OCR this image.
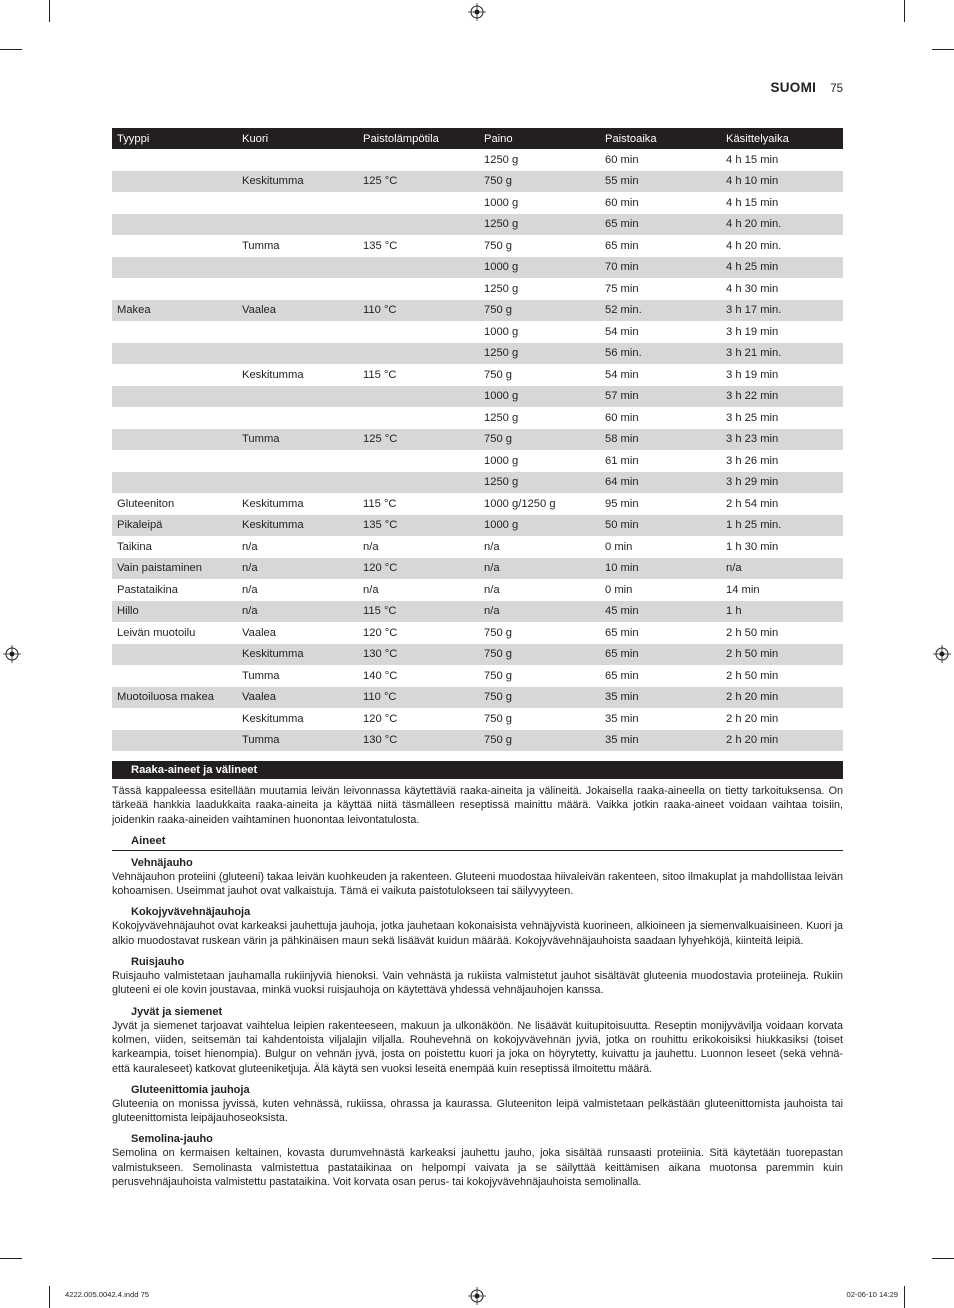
SUOMI 75
Tyyppi	Kuori	Paistolämpötila	Paino	Paistoaika	Käsittelyaika
			1250 g	60 min	4 h 15 min
	Keskitumma	125 °C	750 g	55 min	4 h 10 min
			1000 g	60 min	4 h 15 min
			1250 g	65 min	4 h 20 min.
	Tumma	135 °C	750 g	65 min	4 h 20 min.
			1000 g	70 min	4 h 25 min
			1250 g	75 min	4 h 30 min
Makea	Vaalea	110 °C	750 g	52 min.	3 h 17 min.
			1000 g	54 min	3 h 19 min
			1250 g	56 min.	3 h 21 min.
	Keskitumma	115 °C	750 g	54 min	3 h 19 min
			1000 g	57 min	3 h 22 min
			1250 g	60 min	3 h 25 min
	Tumma	125 °C	750 g	58 min	3 h 23 min
			1000 g	61 min	3 h 26 min
			1250 g	64 min	3 h 29 min
Gluteeniton	Keskitumma	115 °C	1000 g/1250 g	95 min	2 h 54 min
Pikaleipä	Keskitumma	135 °C	1000 g	50 min	1 h 25 min.
Taikina	n/a	n/a	n/a	0 min	1 h 30 min
Vain paistaminen	n/a	120 °C	n/a	10 min	n/a
Pastataikina	n/a	n/a	n/a	0 min	14 min
Hillo	n/a	115 °C	n/a	45 min	1 h
Leivän muotoilu	Vaalea	120 °C	750 g	65 min	2 h 50 min
	Keskitumma	130 °C	750 g	65 min	2 h 50 min
	Tumma	140 °C	750 g	65 min	2 h 50 min
Muotoiluosa makea	Vaalea	110 °C	750 g	35 min	2 h 20 min
	Keskitumma	120 °C	750 g	35 min	2 h 20 min
	Tumma	130 °C	750 g	35 min	2 h 20 min
Raaka-aineet ja välineet

Tässä kappaleessa esitellään muutamia leivän leivonnassa käytettäviä raaka-aineita ja välineitä. Jokaisella raaka-aineella on tietty tarkoituksensa. On tärkeää hankkia laadukkaita raaka-aineita ja käyttää niitä täsmälleen reseptissä mainittu määrä. Vaikka jotkin raaka-aineet voidaan vaihtaa toisiin, joidenkin raaka-aineiden vaihtaminen huonontaa leivontatulosta.

Aineet

Vehnäjauho

Vehnäjauhon proteiini (gluteeni) takaa leivän kuohkeuden ja rakenteen. Gluteeni muodostaa hiivaleivän rakenteen, sitoo ilmakuplat ja mahdollistaa leivän kohoamisen. Useimmat jauhot ovat valkaistuja. Tämä ei vaikuta paistotulokseen tai säilyvyyteen.

Kokojyvävehnäjauhoja

Kokojyvävehnäjauhot ovat karkeaksi jauhettuja jauhoja, jotka jauhetaan kokonaisista vehnäjyvistä kuorineen, alkioineen ja siemenvalkuaisineen. Kuori ja alkio muodostavat ruskean värin ja pähkinäisen maun sekä lisäävät kuidun määrää. Kokojyvävehnäjauhoista saadaan lyhyehköjä, kiinteitä leipiä.

Ruisjauho

Ruisjauho valmistetaan jauhamalla rukiinjyviä hienoksi. Vain vehnästä ja rukiista valmistetut jauhot sisältävät gluteenia muodostavia proteiineja. Rukiin gluteeni ei ole kovin joustavaa, minkä vuoksi ruisjauhoja on käytettävä yhdessä vehnäjauhojen kanssa.

Jyvät ja siemenet

Jyvät ja siemenet tarjoavat vaihtelua leipien rakenteeseen, makuun ja ulkonäköön. Ne lisäävät kuitupitoisuutta. Reseptin monijyväviljа voidaan korvata kolmen, viiden, seitsemän tai kahdentoista viljalajin viljalla. Rouhevehnä on kokojyvävehnän jyviä, jotka on rouhittu erikokoisiksi hiukkasiksi (toiset karkeampia, toiset hienompia). Bulgur on vehnän jyvä, josta on poistettu kuori ja joka on höyrytetty, kuivattu ja jauhettu. Luonnon leseet (sekä vehnä- että kauraleseet) katkovat gluteeniketjuja. Älä käytä sen vuoksi leseitä enempää kuin reseptissä ilmoitettu määrä.

Gluteenittomia jauhoja

Gluteenia on monissa jyvissä, kuten vehnässä, rukiissa, ohrassa ja kaurassa. Gluteeniton leipä valmistetaan pelkästään gluteenittomista jauhoista tai gluteenittomista leipäjauhoseoksista.

Semolina-jauho

Semolina on kermaisen keltainen, kovasta durumvehnästä karkeaksi jauhettu jauho, joka sisältää runsaasti proteiinia. Sitä käytetään tuorepastan valmistukseen. Semolinasta valmistettua pastataikinaa on helpompi vaivata ja se säilyttää keittämisen aikana muotonsa paremmin kuin perusvehnäjauhoista valmistettu pastataikina. Voit korvata osan perus- tai kokojyvävehnäjauhoista semolinalla.

4222.005.0042.4.indd 75	02-06-10 14:29
